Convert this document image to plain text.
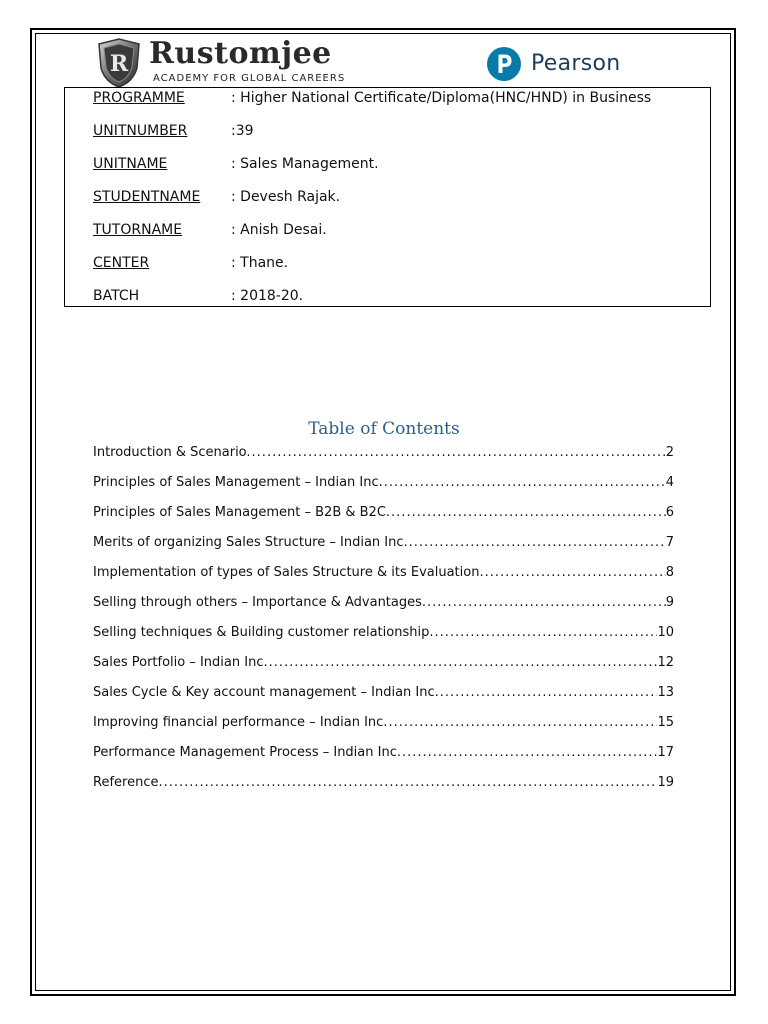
R Rustomjee
ACADEMY FOR GLOBAL CAREERS
Pearson
PROGRAMME	: Higher National Certificate/Diploma(HNC/HND) in Business
UNITNUMBER	:39
UNITNAME	: Sales Management.
STUDENTNAME : Devesh Rajak.
TUTORNAME	: Anish Desai.
CENTER	: Thane.
BATCH	: 2018-20.
Table of Contents
Introduction & Scenario. .....	2
Principles of Sales Management – Indian Inc. .....	4
Principles of Sales Management – B2B & B2C. .....	6
Merits of organizing Sales Structure – Indian Inc. .....	7
Implementation of types of Sales Structure & its Evaluation. .....	8
Selling through others – Importance & Advantages. .....	9
Selling techniques & Building customer relationship. .....	10
Sales Portfolio – Indian Inc. .....	12
Sales Cycle & Key account management – Indian Inc. .....	13
Improving financial performance – Indian Inc. .....	15
Performance Management Process – Indian Inc. .....	17
Reference. .....	19
